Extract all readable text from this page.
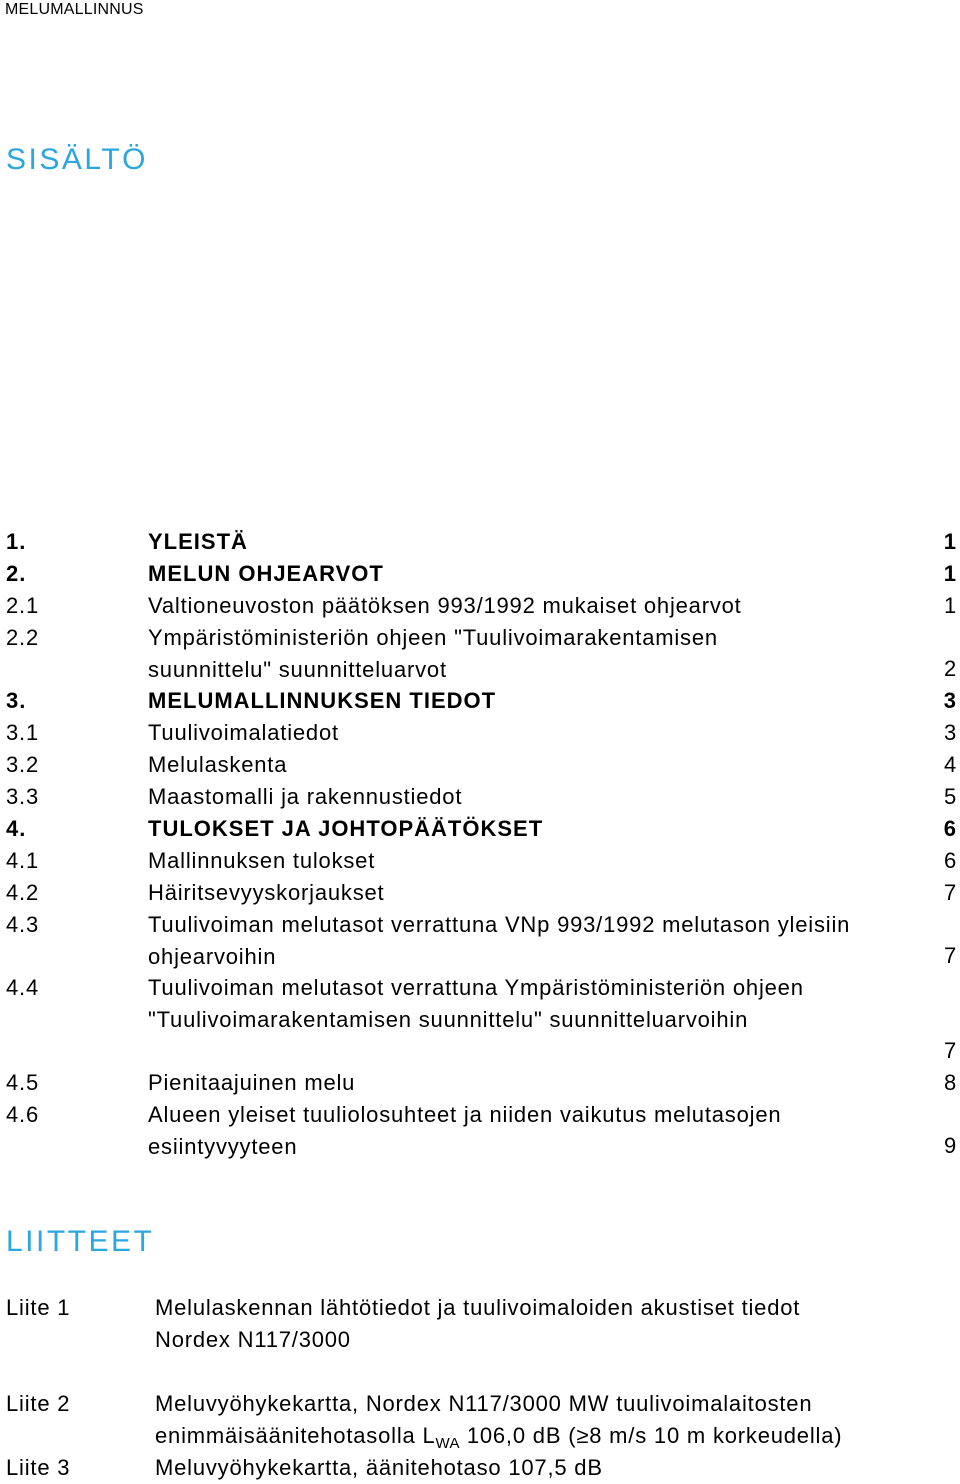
MELUMALLINNUS
SISÄLTÖ
1.	YLEISTÄ	1
2.	MELUN OHJEARVOT	1
2.1	Valtioneuvoston päätöksen 993/1992 mukaiset ohjearvot	1
2.2	Ympäristöministeriön ohjeen "Tuulivoimarakentamisen suunnittelu" suunnitteluarvot	2
3.	MELUMALLINNUKSEN TIEDOT	3
3.1	Tuulivoimalatiedot	3
3.2	Melulaskenta	4
3.3	Maastomalli ja rakennustiedot	5
4.	TULOKSET JA JOHTOPÄÄTÖKSET	6
4.1	Mallinnuksen tulokset	6
4.2	Häiritsevyyskorjaukset	7
4.3	Tuulivoiman melutasot verrattuna VNp 993/1992 melutason yleisiin ohjearvoihin	7
4.4	Tuulivoiman melutasot verrattuna Ympäristöministeriön ohjeen "Tuulivoimarakentamisen suunnittelu" suunnitteluarvoihin
7
4.5	Pienitaajuinen melu	8
4.6	Alueen yleiset tuuliolosuhteet ja niiden vaikutus melutasojen esiintyvyyteen	9
LIITTEET
Liite 1	Melulaskennan lähtötiedot ja tuulivoimaloiden akustiset tiedot
Nordex N117/3000
Liite 2	Meluvyöhykekartta, Nordex N117/3000 MW tuulivoimalaitosten
enimmäisäänitehotasolla $L_{WA}$ 106,0 dB (≥8 m/s 10 m korkeudella)
Liite 3	Meluvyöhykekartta, äänitehotaso 107,5 dB
